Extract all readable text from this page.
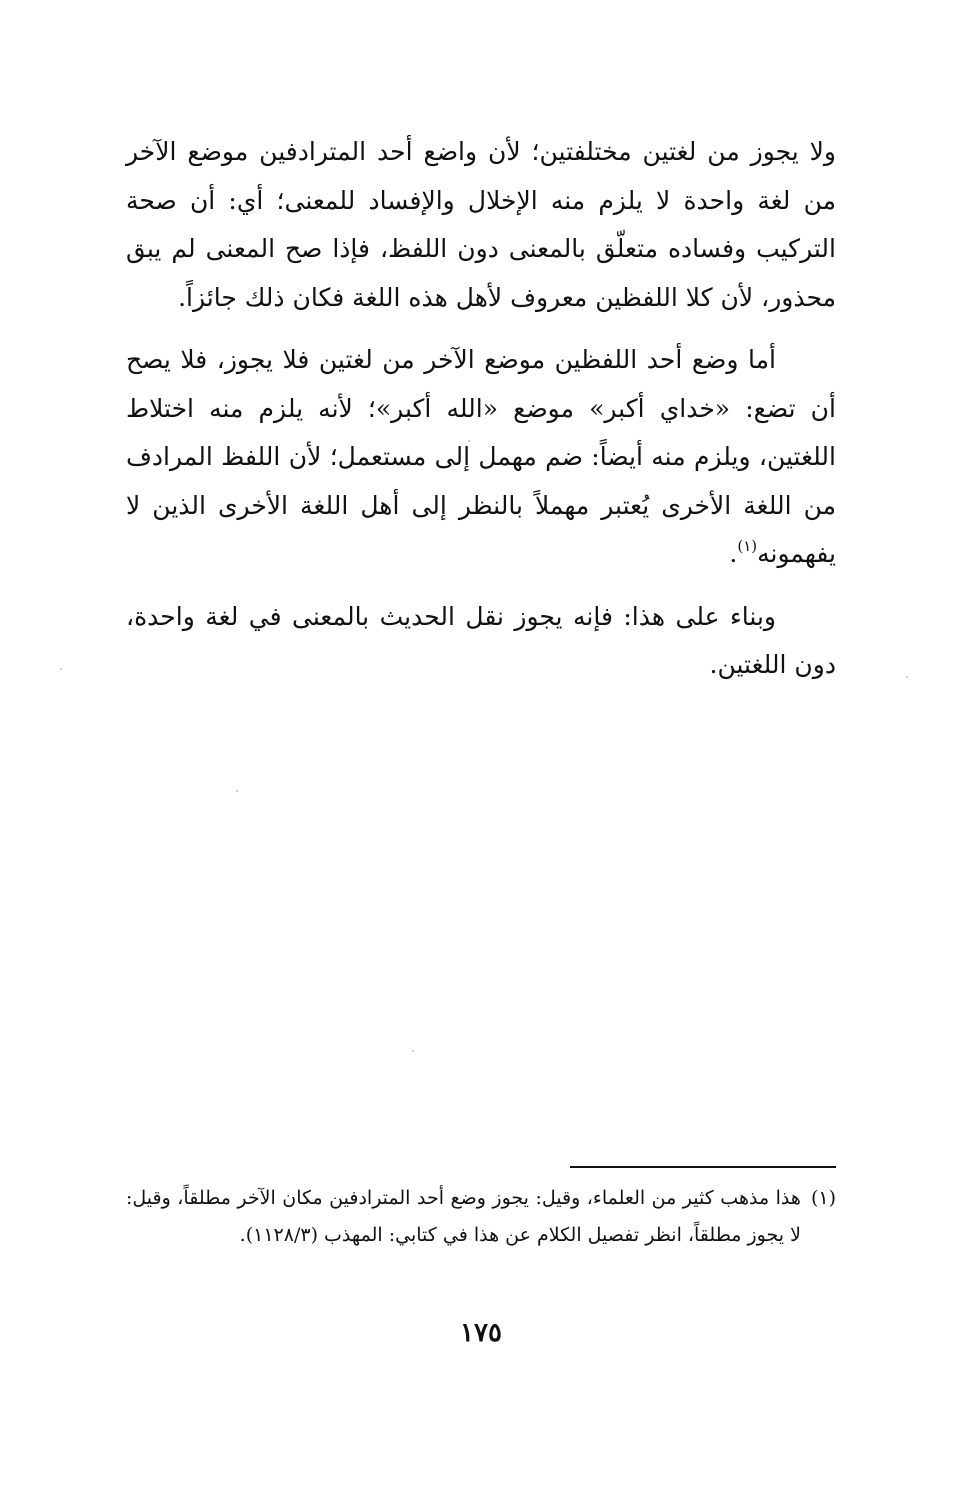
ولا يجوز من لغتين مختلفتين؛ لأن واضع أحد المترادفين موضع الآخر من لغة واحدة لا يلزم منه الإخلال والإفساد للمعنى؛ أي: أن صحة التركيب وفساده متعلّق بالمعنى دون اللفظ، فإذا صح المعنى لم يبق محذور، لأن كلا اللفظين معروف لأهل هذه اللغة فكان ذلك جائزاً.

أما وضع أحد اللفظين موضع الآخر من لغتين فلا يجوز، فلا يصح أن تضع: «خداي أكبر» موضع «الله أكبر»؛ لأنه يلزم منه اختلاط اللغتين، ويلزم منه أيضاً: ضم مهمل إلى مستعمل؛ لأن اللفظ المرادف من اللغة الأخرى يُعتبر مهملاً بالنظر إلى أهل اللغة الأخرى الذين لا يفهمونه$^{(١)}$.

وبناء على هذا: فإنه يجوز نقل الحديث بالمعنى في لغة واحدة، دون اللغتين.

(١)
هذا مذهب كثير من العلماء، وقيل: يجوز وضع أحد المترادفين مكان الآخر مطلقاً، وقيل: لا يجوز مطلقاً، انظر تفصيل الكلام عن هذا في كتابي: المهذب (١١٢٨/٣).
١٧٥
